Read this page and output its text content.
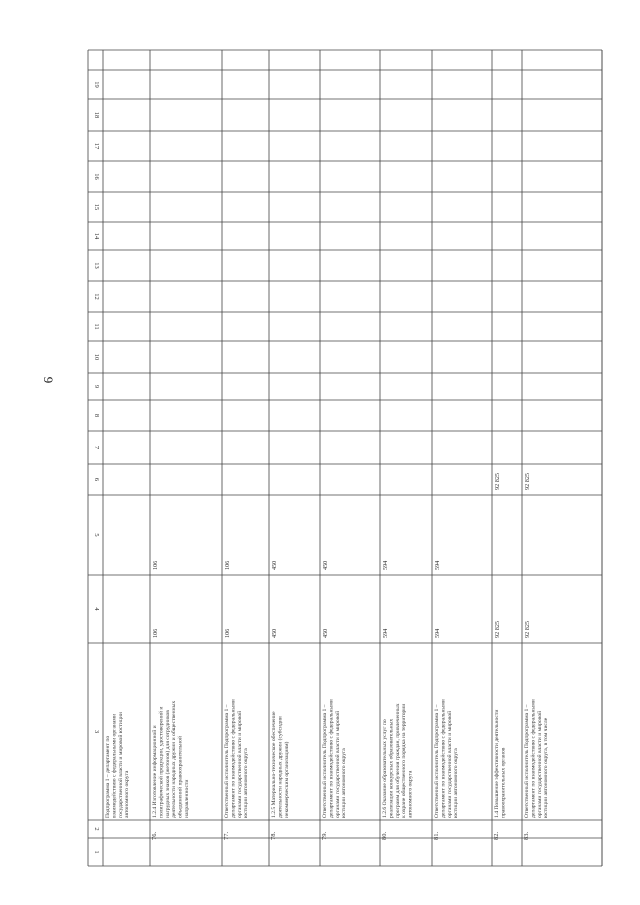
9
1
2
3
4
5
6
7
8
9
10
11
12
13
14
15
16
17
18
19
Подпрограмма 1 – департамент по взаимодействию с федеральными органами государственной власти и мировой юстиции автономного округа
76.
1.2.4 Изготовление информационной и полиграфической продукции, удостоверений и нагрудных знаков (жетонов) для сотрудников деятельности народных дружин и общественных объединений правоохранительной направленности
106
106
77.
Ответственный исполнитель Подпрограмма 1 – департамент по взаимодействию с федеральными органами государственной власти и мировой юстиции автономного округа
106
106
78.
1.2.5 Материально-техническое обеспечение деятельности народных дружин (субсидии некоммерческим организациям)
450
450
79.
Ответственный исполнитель Подпрограмма 1 – департамент по взаимодействию с федеральными органами государственной власти и мировой юстиции автономного округа
450
450
80.
1.2.6 Оказание образовательных услуг по реализации конкурсных образовательных программ для обучения граждан, привлеченных к охране общественного порядка на территории автономного округа
594
594
81.
Ответственный исполнитель Подпрограмма 1 – департамент по взаимодействию с федеральными органами государственной власти и мировой юстиции автономного округа
594
594
82.
1.4 Повышение эффективности деятельности правоохранительных органов
92 825
92 825
83.
Ответственный исполнитель Подпрограмма 1 – департамент по взаимодействию с федеральными органами государственной власти и мировой юстиции автономного округа, в том числе
92 825
92 825
